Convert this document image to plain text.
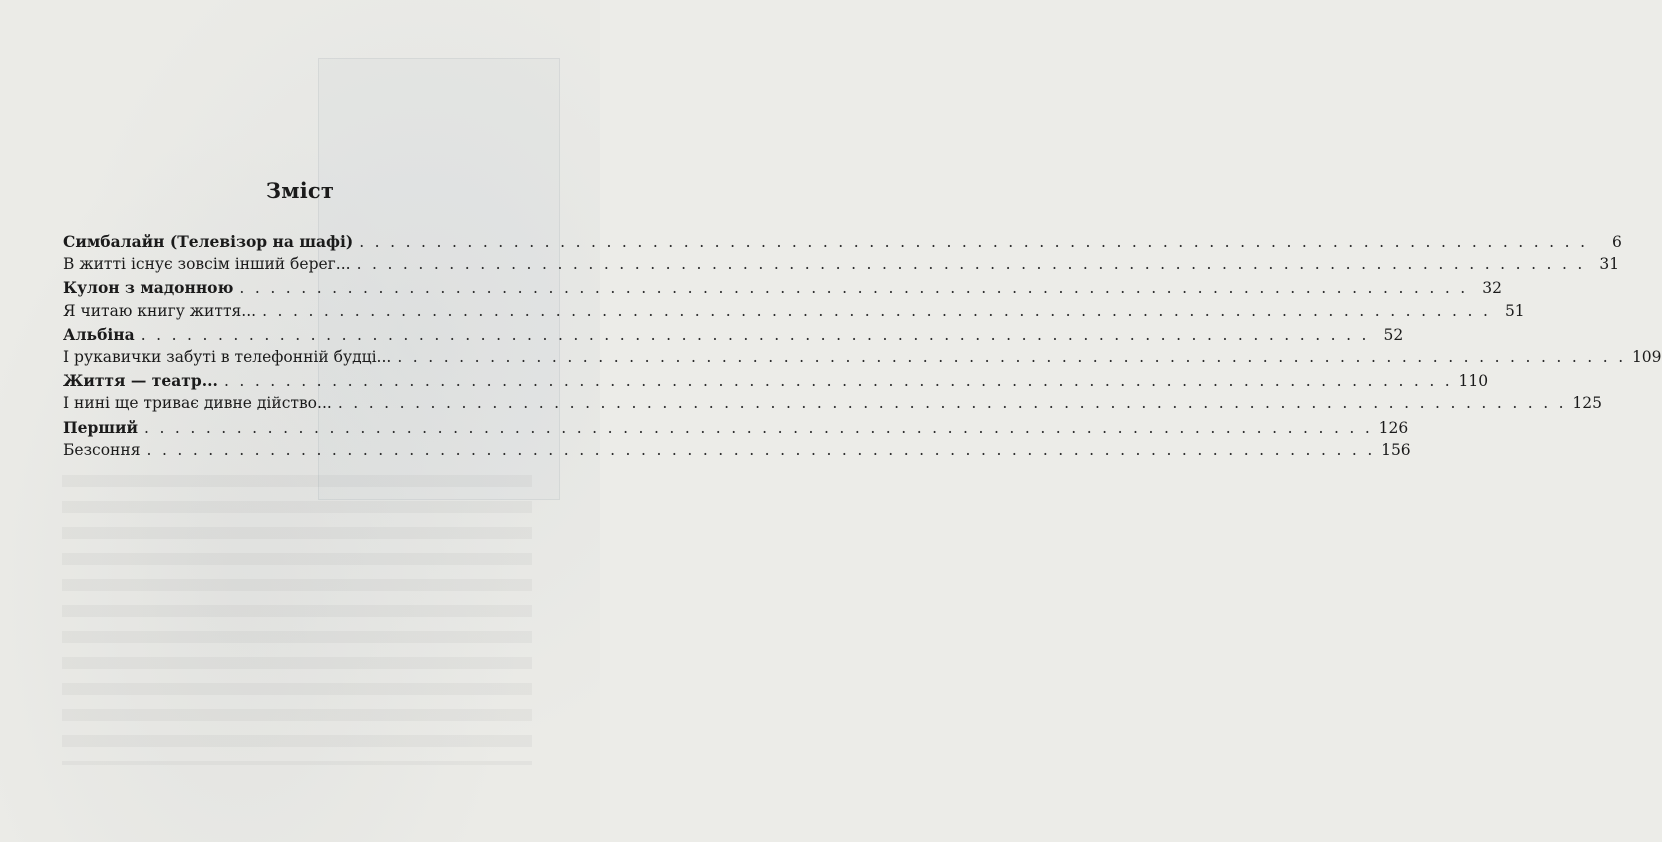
Зміст
Симбалайн (Телевізор на шафі) . . . . . . . . . . . . . . . . . . . . . . . . . . . . . . . . . . . . . . . . . . . . . . . . . . . . . . . . . . . . . . . . . . . . . . . . . . . . . . . .	6
В житті існує зовсім інший берег... . . . . . . . . . . . . . . . . . . . . . . . . . . . . . . . . . . . . . . . . . . . . . . . . . . . . . . . . . . . . . . . . . . . . . . . . . . . . . . . . 31
Кулон з мадонною . . . . . . . . . . . . . . . . . . . . . . . . . . . . . . . . . . . . . . . . . . . . . . . . . . . . . . . . . . . . . . . . . . . . . . . . . . . . . . . . 32
Я читаю книгу життя... . . . . . . . . . . . . . . . . . . . . . . . . . . . . . . . . . . . . . . . . . . . . . . . . . . . . . . . . . . . . . . . . . . . . . . . . . . . . . . . . 51
Альбіна . . . . . . . . . . . . . . . . . . . . . . . . . . . . . . . . . . . . . . . . . . . . . . . . . . . . . . . . . . . . . . . . . . . . . . . . . . . . . . . . 52
І рукавички забуті в телефонній будці... . . . . . . . . . . . . . . . . . . . . . . . . . . . . . . . . . . . . . . . . . . . . . . . . . . . . . . . . . . . . . . . . . . . . . . . . . . . . . . . . 109
Життя — театр... . . . . . . . . . . . . . . . . . . . . . . . . . . . . . . . . . . . . . . . . . . . . . . . . . . . . . . . . . . . . . . . . . . . . . . . . . . . . . . . . 110
І нині ще триває дивне дійство... . . . . . . . . . . . . . . . . . . . . . . . . . . . . . . . . . . . . . . . . . . . . . . . . . . . . . . . . . . . . . . . . . . . . . . . . . . . . . . . . 125
Перший . . . . . . . . . . . . . . . . . . . . . . . . . . . . . . . . . . . . . . . . . . . . . . . . . . . . . . . . . . . . . . . . . . . . . . . . . . . . . . . . 126
Безсоння . . . . . . . . . . . . . . . . . . . . . . . . . . . . . . . . . . . . . . . . . . . . . . . . . . . . . . . . . . . . . . . . . . . . . . . . . . . . . . . . 156
